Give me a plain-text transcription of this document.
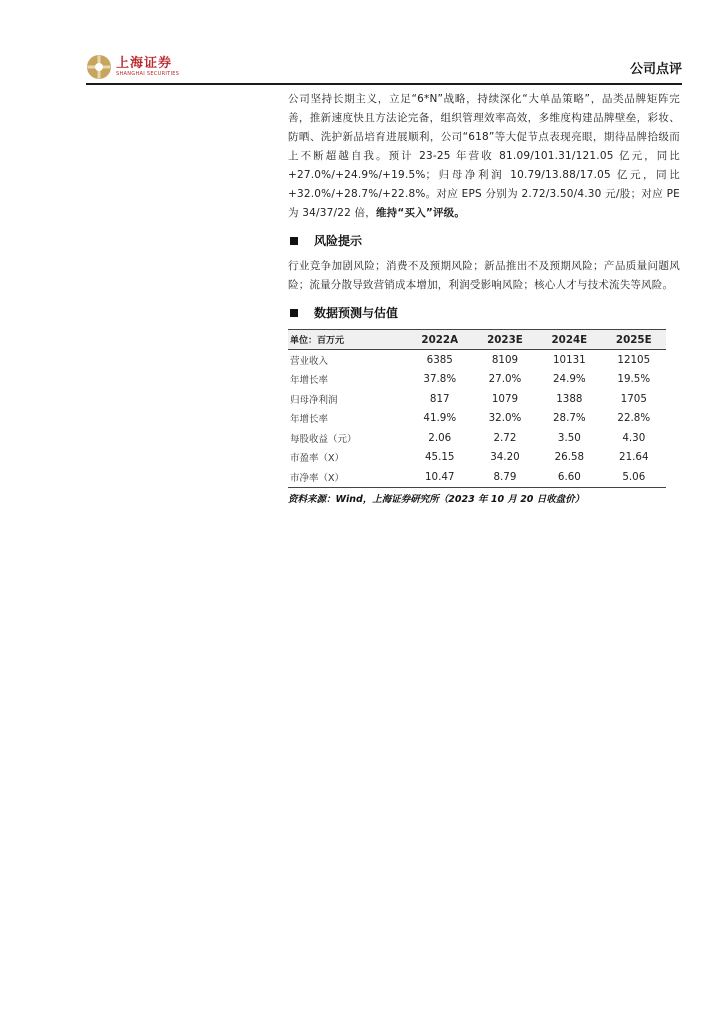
上海证券
SHANGHAI SECURITIES	公司点评

公司坚持长期主义，立足“6*N”战略，持续深化“大单品策略”，品类品牌矩阵完善，推新速度快且方法论完备，组织管理效率高效，多维度构建品牌壁垒，彩妆、防晒、洗护新品培育进展顺利，公司“618”等大促节点表现亮眼，期待品牌拾级而上不断超越自我。预计 23-25 年营收 81.09/101.31/121.05 亿元，同比+27.0%/+24.9%/+19.5%；归母净利润 10.79/13.88/17.05 亿元，同比+32.0%/+28.7%/+22.8%。对应 EPS 分别为 2.72/3.50/4.30 元/股；对应 PE 为 34/37/22 倍，维持“买入”评级。

风险提示

行业竞争加剧风险；消费不及预期风险；新品推出不及预期风险；产品质量问题风险；流量分散导致营销成本增加，利润受影响风险；核心人才与技术流失等风险。

数据预测与估值
单位：百万元	2022A	2023E	2024E	2025E
营业收入	6385	8109	10131	12105
年增长率	37.8%	27.0%	24.9%	19.5%
归母净利润	817	1079	1388	1705
年增长率	41.9%	32.0%	28.7%	22.8%
每股收益（元）	2.06	2.72	3.50	4.30
市盈率（X）	45.15	34.20	26.58	21.64
市净率（X）	10.47	8.79	6.60	5.06
资料来源：Wind，上海证券研究所（2023 年 10 月 20 日收盘价）
